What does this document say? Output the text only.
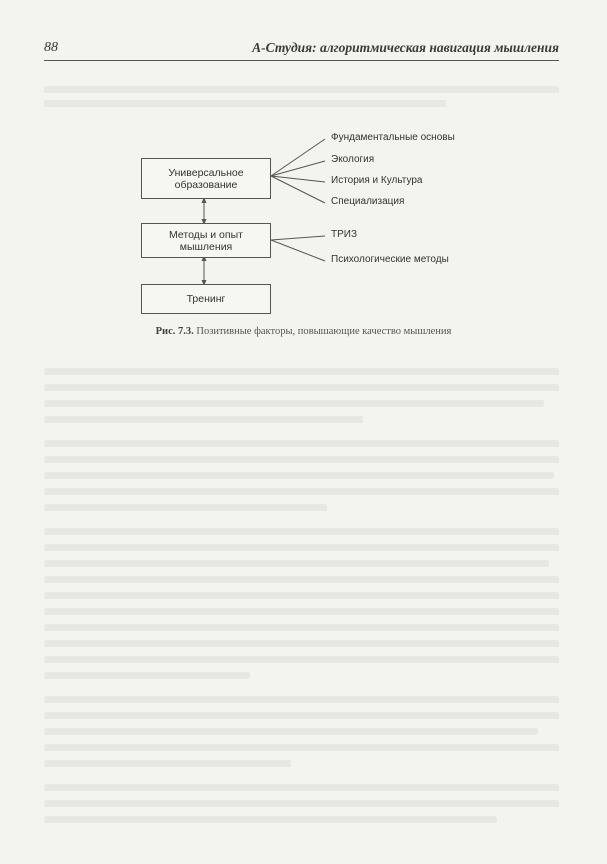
88	А-Студия: алгоритмическая навигация мышления
Универсальное образование
Методы и опыт мышления
Тренинг
Фундаментальные основы
Экология
История и Культура
Специализация
ТРИЗ
Психологические методы
Рис. 7.3. Позитивные факторы, повышающие качество мышления
